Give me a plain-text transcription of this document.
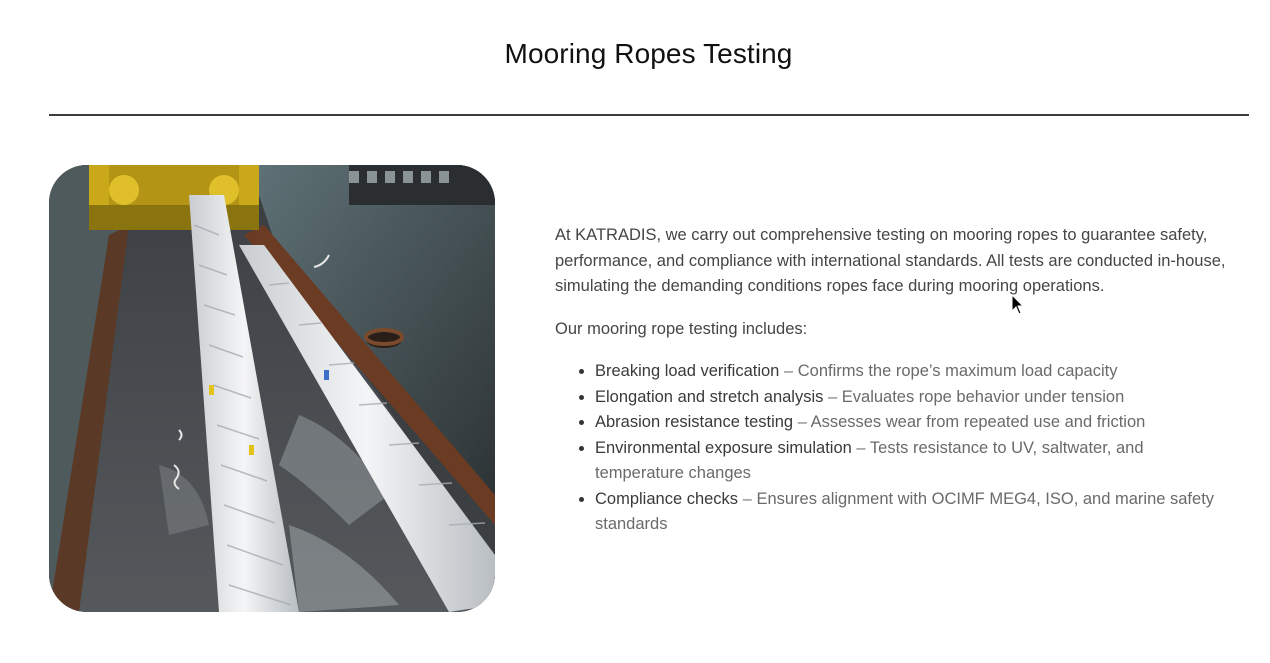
Mooring Ropes Testing

At KATRADIS, we carry out comprehensive testing on mooring ropes to guarantee safety, performance, and compliance with international standards. All tests are conducted in-house, simulating the demanding conditions ropes face during mooring operations.

Our mooring rope testing includes:

• Breaking load verification – Confirms the rope’s maximum load capacity
• Elongation and stretch analysis – Evaluates rope behavior under tension
• Abrasion resistance testing – Assesses wear from repeated use and friction
• Environmental exposure simulation – Tests resistance to UV, saltwater, and temperature changes
• Compliance checks – Ensures alignment with OCIMF MEG4, ISO, and marine safety standards
